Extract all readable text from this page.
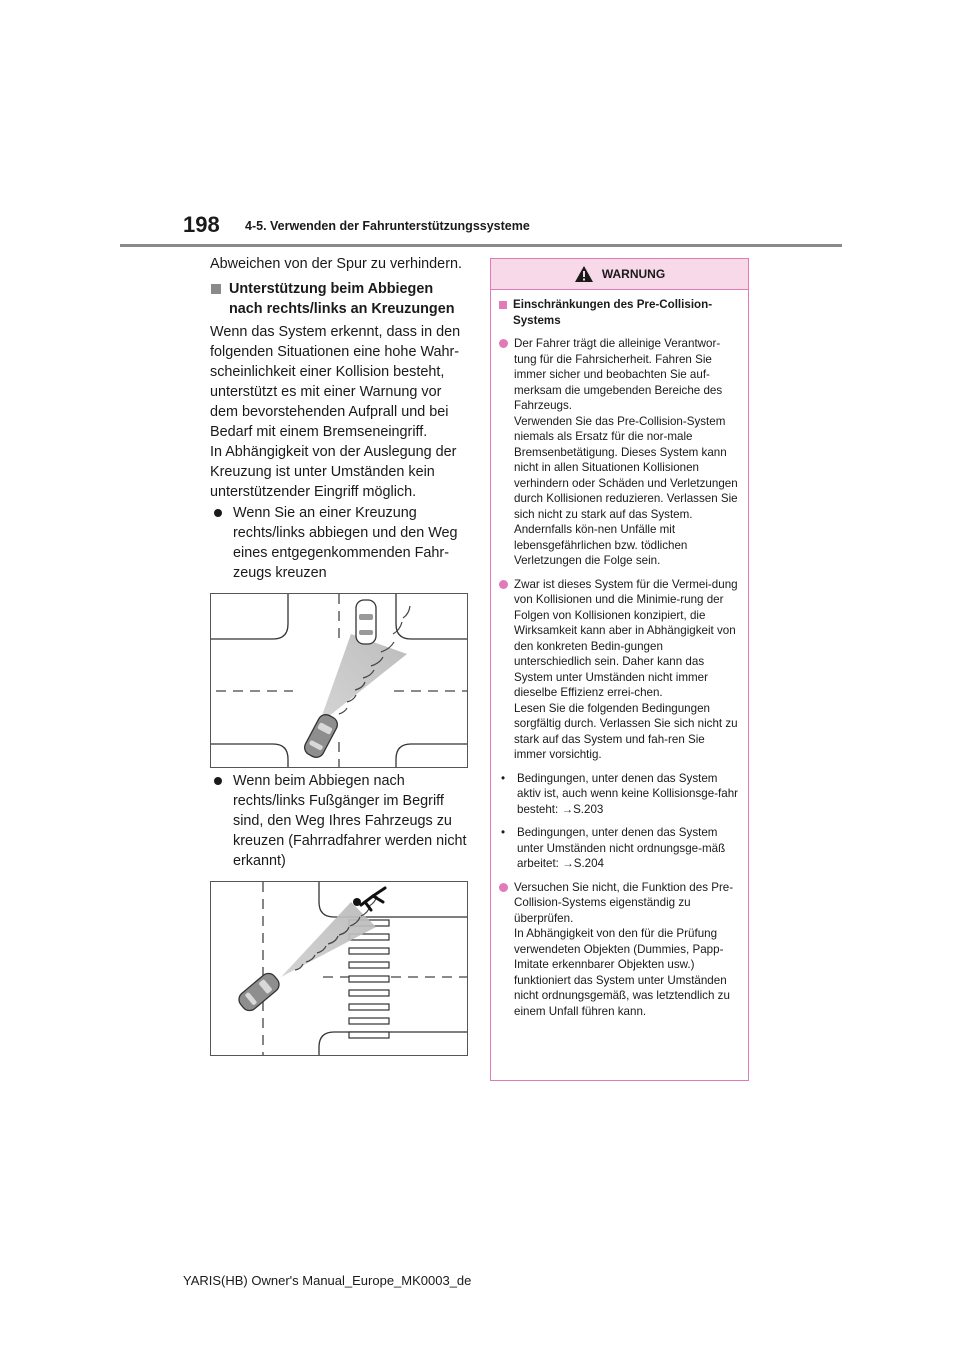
198 4-5. Verwenden der Fahrunterstützungssysteme

Abweichen von der Spur zu verhindern.

Unterstützung beim Abbiegen nach rechts/links an Kreuzungen

Wenn das System erkennt, dass in den folgenden Situationen eine hohe Wahr-scheinlichkeit einer Kollision besteht, unterstützt es mit einer Warnung vor dem bevorstehenden Aufprall und bei Bedarf mit einem Bremseneingriff.

In Abhängigkeit von der Auslegung der Kreuzung ist unter Umständen kein unterstützender Eingriff möglich.

Wenn Sie an einer Kreuzung rechts/links abbiegen und den Weg eines entgegenkommenden Fahr-zeugs kreuzen
Wenn beim Abbiegen nach rechts/links Fußgänger im Begriff sind, den Weg Ihres Fahrzeugs zu kreuzen (Fahrradfahrer werden nicht erkannt)
WARNUNG
Einschränkungen des Pre-Collision-Systems

Der Fahrer trägt die alleinige Verantwor-tung für die Fahrsicherheit. Fahren Sie immer sicher und beobachten Sie auf-merksam die umgebenden Bereiche des Fahrzeugs.

Verwenden Sie das Pre-Collision-System niemals als Ersatz für die nor-male Bremsenbetätigung. Dieses System kann nicht in allen Situationen Kollisionen verhindern oder Schäden und Verletzungen durch Kollisionen reduzieren. Verlassen Sie sich nicht zu stark auf das System. Andernfalls kön-nen Unfälle mit lebensgefährlichen bzw. tödlichen Verletzungen die Folge sein.

Zwar ist dieses System für die Vermei-dung von Kollisionen und die Minimie-rung der Folgen von Kollisionen konzipiert, die Wirksamkeit kann aber in Abhängigkeit von den konkreten Bedin-gungen unterschiedlich sein. Daher kann das System unter Umständen nicht immer dieselbe Effizienz errei-chen.

Lesen Sie die folgenden Bedingungen sorgfältig durch. Verlassen Sie sich nicht zu stark auf das System und fah-ren Sie immer vorsichtig.

•	Bedingungen, unter denen das System aktiv ist, auch wenn keine Kollisionsge-fahr besteht: →S.203

•	Bedingungen, unter denen das System unter Umständen nicht ordnungsge-mäß arbeitet: →S.204

Versuchen Sie nicht, die Funktion des Pre-Collision-Systems eigenständig zu überprüfen.

In Abhängigkeit von den für die Prüfung verwendeten Objekten (Dummies, Papp-Imitate erkennbarer Objekten usw.) funktioniert das System unter Umständen nicht ordnungsgemäß, was letztendlich zu einem Unfall führen kann.

YARIS(HB) Owner's Manual_Europe_MK0003_de
